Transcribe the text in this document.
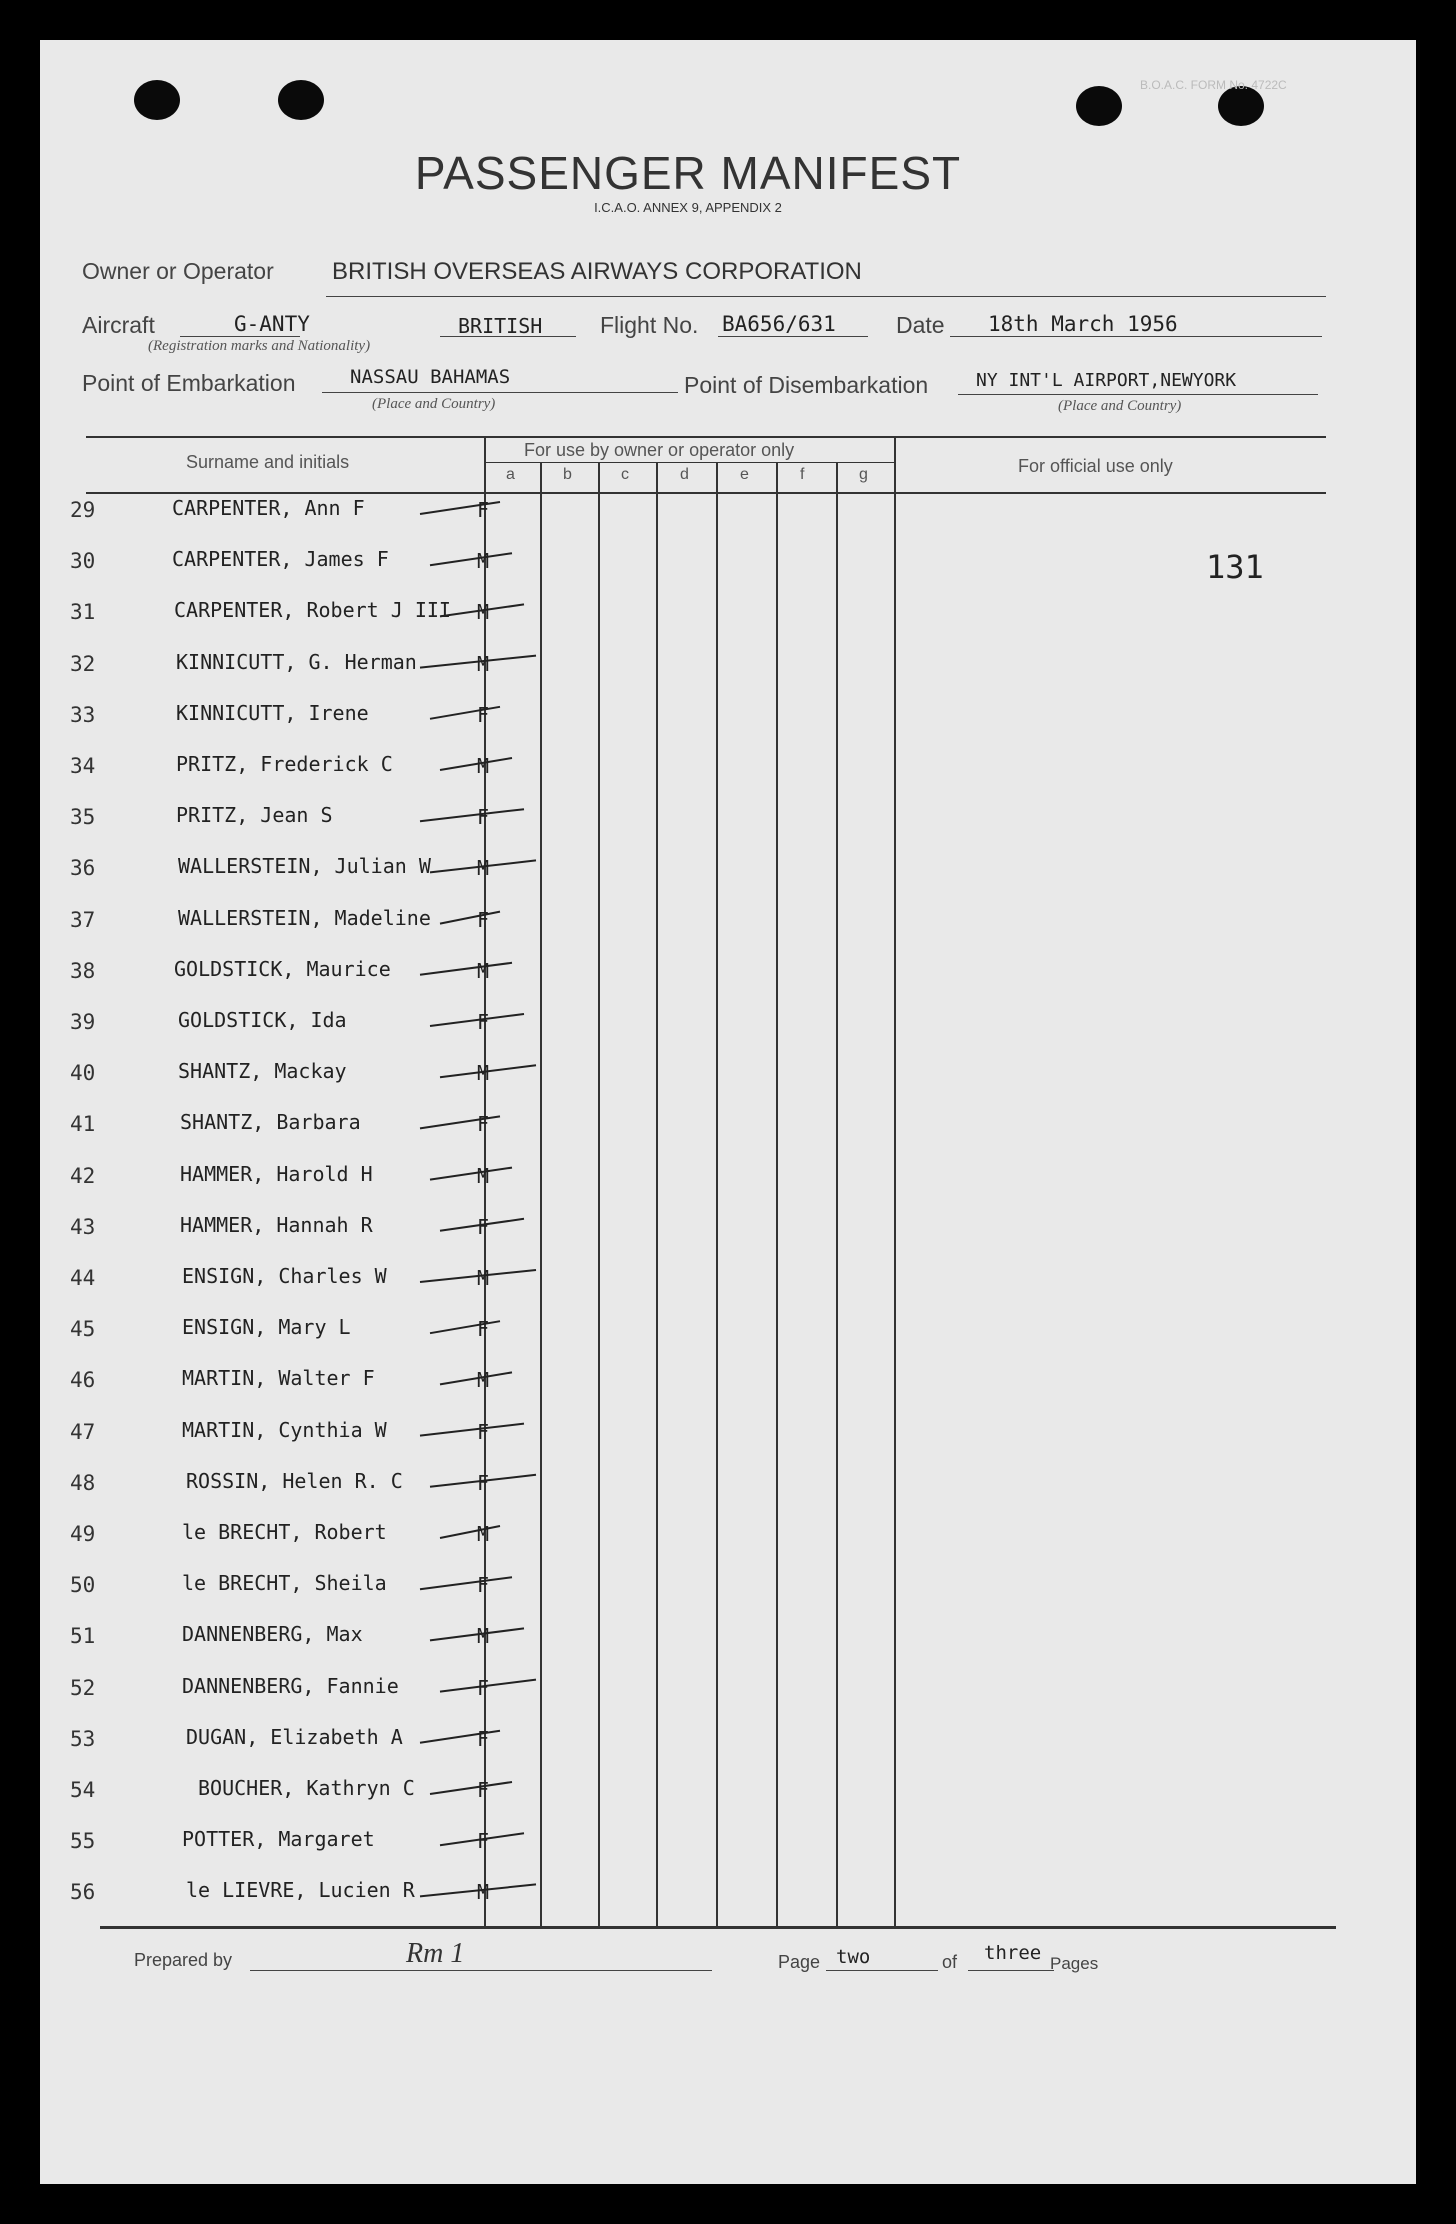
B.O.A.C. FORM No. 4722C
PASSENGER MANIFEST
I.C.A.O. ANNEX 9, APPENDIX 2
Owner or Operator BRITISH OVERSEAS AIRWAYS CORPORATION
Aircraft	G-ANTY	BRITISH
(Registration marks and Nationality)
Flight No. BA656/631	Date 18th March 1956
Point of Embarkation	NASSAU BAHAMAS
(Place and Country)
Point of Disembarkation	NY INT'L AIRPORT,NEWYORK
(Place and Country)
Surname and initials
For use by owner or operator only
For official use only
a	b	c	d	e	f	g
29	CARPENTER, Ann F	F
30	CARPENTER, James F	M
31	CARPENTER, Robert J III	M
32	KINNICUTT, G. Herman	M
33	KINNICUTT, Irene	F
34	PRITZ, Frederick C	M
35	PRITZ, Jean S	F
36	WALLERSTEIN, Julian W	M
37	WALLERSTEIN, Madeline	F
38	GOLDSTICK, Maurice	M
39	GOLDSTICK, Ida	F
40	SHANTZ, Mackay	M
41	SHANTZ, Barbara	F
42	HAMMER, Harold H	M
43	HAMMER, Hannah R	F
44	ENSIGN, Charles W	M
45	ENSIGN, Mary L	F
46	MARTIN, Walter F	M
47	MARTIN, Cynthia W	F
48	ROSSIN, Helen R. C	F
49	le BRECHT, Robert	M
50	le BRECHT, Sheila	F
51	DANNENBERG, Max	M
52	DANNENBERG, Fannie	F
53	DUGAN, Elizabeth A	F
54	BOUCHER, Kathryn C	F
55	POTTER, Margaret	F
56	le LIEVRE, Lucien R	M
131
Prepared by	Rm 1	Page two	of three Pages
